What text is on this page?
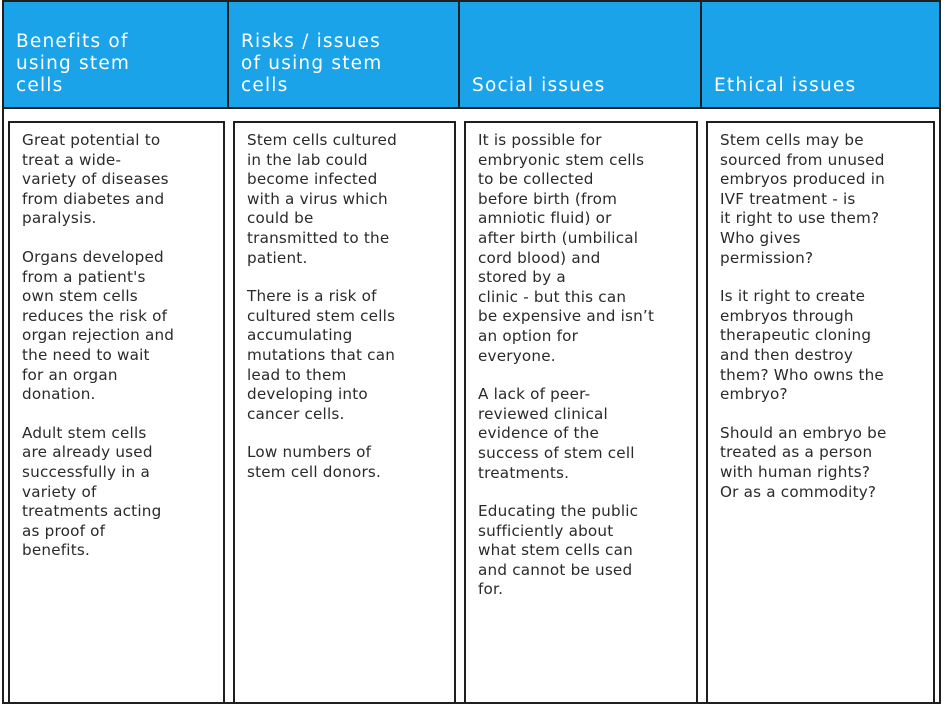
Benefits of
using stem
cells
Risks / issues
of using stem
cells	Social issues	Ethical issues

Great potential to
treat a wide-
variety of diseases
from diabetes and
paralysis.

Organs developed
from a patient's
own stem cells
reduces the risk of
organ rejection and
the need to wait
for an organ
donation.

Adult stem cells
are already used
successfully in a
variety of
treatments acting
as proof of
benefits.

Stem cells cultured
in the lab could
become infected
with a virus which
could be
transmitted to the
patient.

There is a risk of
cultured stem cells
accumulating
mutations that can
lead to them
developing into
cancer cells.

Low numbers of
stem cell donors.

It is possible for
embryonic stem cells
to be collected
before birth (from
amniotic fluid) or
after birth (umbilical
cord blood) and
stored by a
clinic - but this can
be expensive and isn’t
an option for
everyone.

A lack of peer-
reviewed clinical
evidence of the
success of stem cell
treatments.

Educating the public
sufficiently about
what stem cells can
and cannot be used
for.

Stem cells may be
sourced from unused
embryos produced in
IVF treatment - is
it right to use them?
Who gives
permission?

Is it right to create
embryos through
therapeutic cloning
and then destroy
them? Who owns the
embryo?

Should an embryo be
treated as a person
with human rights?
Or as a commodity?
